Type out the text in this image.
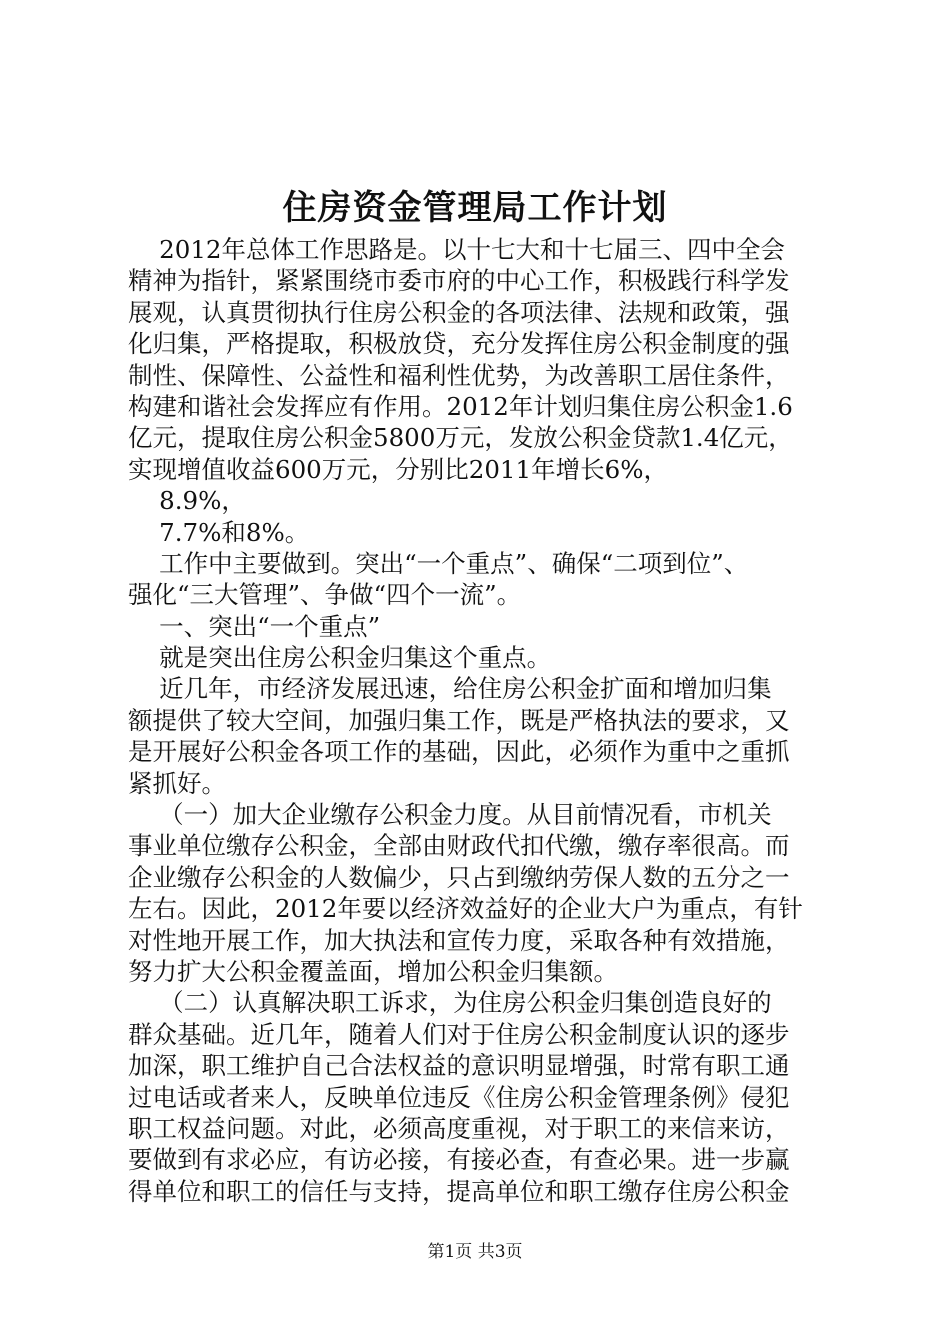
住房资金管理局工作计划
2012年总体工作思路是。以十七大和十七届三、四中全会
精神为指针，紧紧围绕市委市府的中心工作，积极践行科学发
展观，认真贯彻执行住房公积金的各项法律、法规和政策，强
化归集，严格提取，积极放贷，充分发挥住房公积金制度的强
制性、保障性、公益性和福利性优势，为改善职工居住条件，
构建和谐社会发挥应有作用。2012年计划归集住房公积金1.6
亿元，提取住房公积金5800万元，发放公积金贷款1.4亿元，
实现增值收益600万元，分别比2011年增长6%，
8.9%，
7.7%和8%。
工作中主要做到。突出“一个重点”、确保“二项到位”、
强化“三大管理”、争做“四个一流”。
一、突出“一个重点”
就是突出住房公积金归集这个重点。
近几年，市经济发展迅速，给住房公积金扩面和增加归集
额提供了较大空间，加强归集工作，既是严格执法的要求，又
是开展好公积金各项工作的基础，因此，必须作为重中之重抓
紧抓好。
（一）加大企业缴存公积金力度。从目前情况看，市机关
事业单位缴存公积金，全部由财政代扣代缴，缴存率很高。而
企业缴存公积金的人数偏少，只占到缴纳劳保人数的五分之一
左右。因此，2012年要以经济效益好的企业大户为重点，有针
对性地开展工作，加大执法和宣传力度，采取各种有效措施，
努力扩大公积金覆盖面，增加公积金归集额。
（二）认真解决职工诉求，为住房公积金归集创造良好的
群众基础。近几年，随着人们对于住房公积金制度认识的逐步
加深，职工维护自己合法权益的意识明显增强，时常有职工通
过电话或者来人，反映单位违反《住房公积金管理条例》侵犯
职工权益问题。对此，必须高度重视，对于职工的来信来访，
要做到有求必应，有访必接，有接必查，有查必果。进一步赢
得单位和职工的信任与支持，提高单位和职工缴存住房公积金
第1页 共3页
